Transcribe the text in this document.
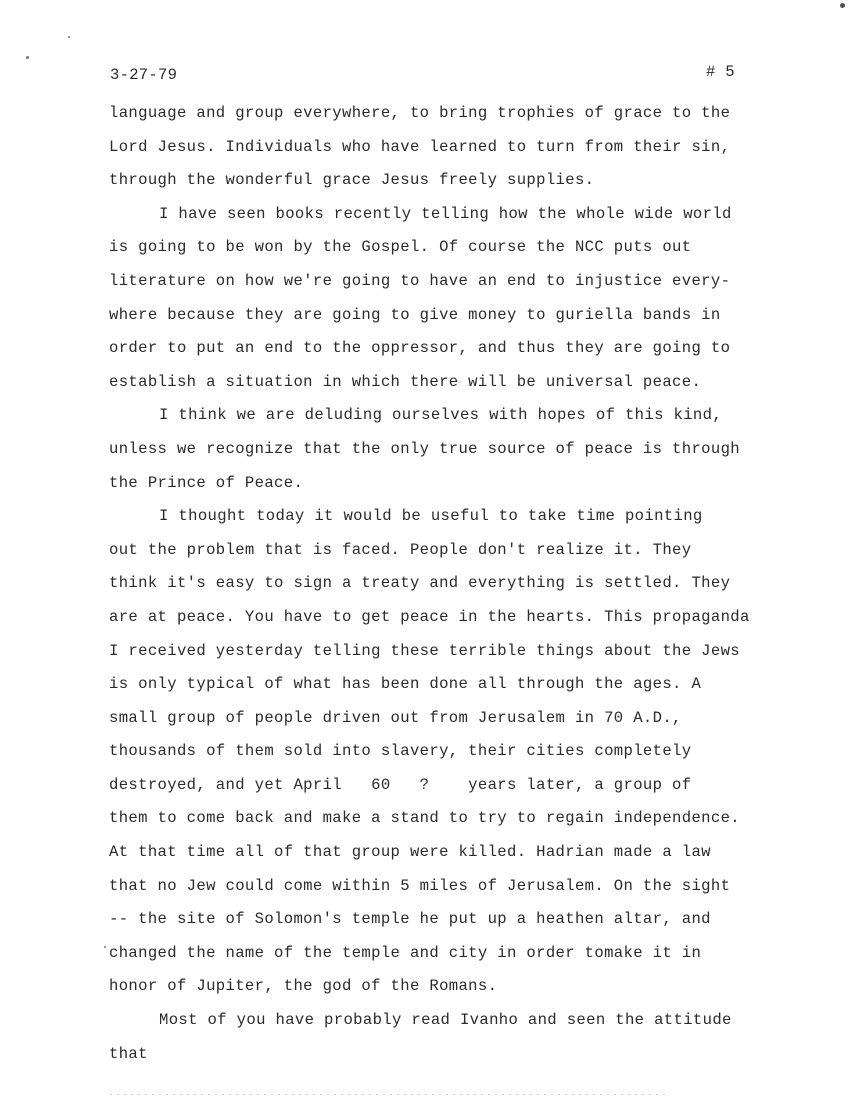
3-27-79	# 5
language and group everywhere, to bring trophies of grace to the
Lord Jesus. Individuals who have learned to turn from their sin,
through the wonderful grace Jesus freely supplies.
I have seen books recently telling how the whole wide world
is going to be won by the Gospel. Of course the NCC puts out
literature on how we're going to have an end to injustice every-
where because they are going to give money to guriella bands in
order to put an end to the oppressor, and thus they are going to
establish a situation in which there will be universal peace.
I think we are deluding ourselves with hopes of this kind,
unless we recognize that the only true source of peace is through
the Prince of Peace.
I thought today it would be useful to take time pointing
out the problem that is faced. People don't realize it. They
think it's easy to sign a treaty and everything is settled. They
are at peace. You have to get peace in the hearts. This propaganda
I received yesterday telling these terrible things about the Jews
is only typical of what has been done all through the ages. A
small group of people driven out from Jerusalem in 70 A.D.,
thousands of them sold into slavery, their cities completely
destroyed, and yet April   60   ?    years later, a group of
them to come back and make a stand to try to regain independence.
At that time all of that group were killed. Hadrian made a law
that no Jew could come within 5 miles of Jerusalem. On the sight
-- the site of Solomon's temple he put up a heathen altar, and
changed the name of the temple and city in order tomake it in
honor of Jupiter, the god of the Romans.
Most of you have probably read Ivanho and seen the attitude
that
